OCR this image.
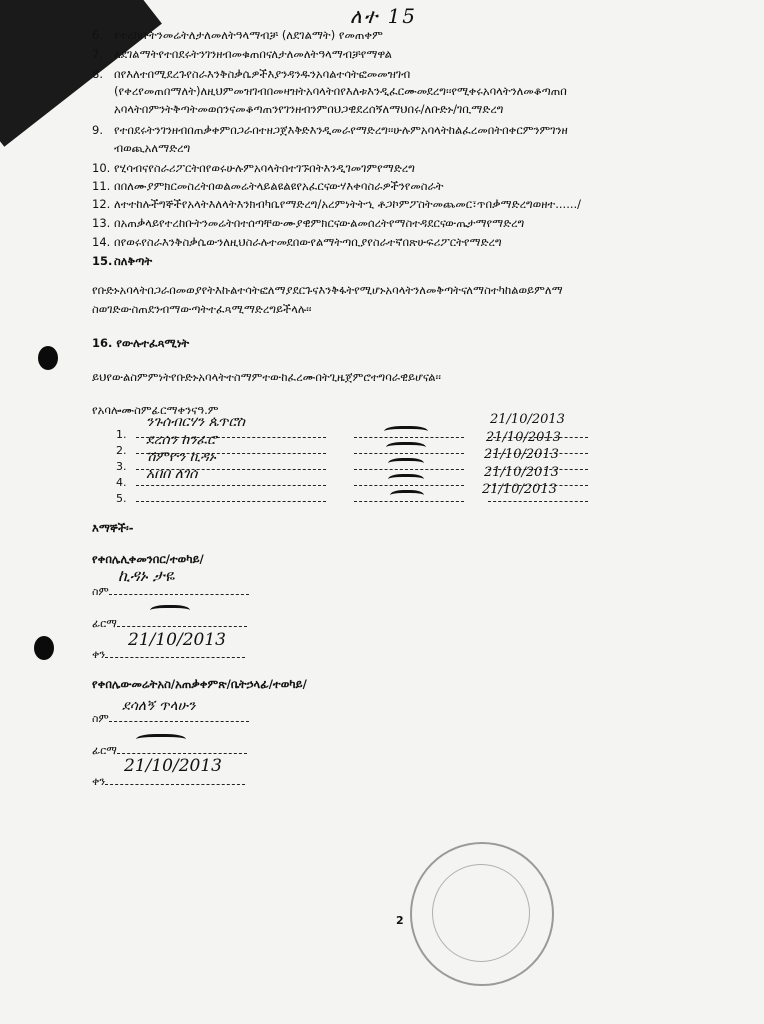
ለተ 15
6. የተረከቡትንመሬትለታለመለትዓላማብቻ (ለደገልማት) የመጠቀም
7. ለደገልማትየተበደሩትንገንዘብመቁጠበናለታለመለትዓላማብቻየማዋል
8. በየእለተበሚደረጉየስራእንቅስቃሴዎችእያንዳንዱንአባልተሳትፎመመዝገብ
(የቀረየመጠበማለት)ለዚህምመዝገብበመዛዝትአባላትበየእለቱእንዲፈርሙመደረግ፡፡የሚቀሩአባላትንለመቆጣጠበ
አባላትበምንትቅጣትመወሰንናመቆጣጠንየገንዘብንምበህጋዊደረሰኝለማህበሩ/ለቡድኑ/ገቢማድረግ
9. የተበደሩትንገንዘብበጠቃቀምበጋራበተዘጋጀእቅድእንዲመራየማድረግ፡፡ሁሉምአባላትከልፈረመበትበቀርምንምገንዘ
ብወጪአለማድረግ
10. የሂሳብናየስራሪፖርትበየወሩሁሉምአባላትበተገኙበትእንዲገመገምየማድረግ
11. በበለሙያምክርመስረትበወልመሬትላይልዩልዩየአፈርናውሃእቀባስራዎችንየመስራት
12. ለተተከሉችግኞችየአላትእለላትእንክብካቤየማድረግ/አረምነትትኂ ቶጋኮምፖስትመጨመር፣ጥበቃማድረግወዘተ....../
13. በአጠቃላይየተረከቡትንመሬትበተሰጣቸውሙያዊምክርናውልመሰረትየማስተዳደርናውጤታማየማድረግ
14. በየወሩየስራእንቅስቃሴውንለዚህስራሉተመደበውየልማትጣቢያየስራተኛበጽሁፍሪፖርትየማድረግ
15. ስለቅጣት
የቡድኑአባላትበጋራበመወያየትእኩልተሳትፎለማያደርጉናእንቅፋትየሚሆኑአባላትንለመቅጣትናለማስተካከልወይምለማ
ስወገድውስጠደንብማውጣትተፈጻሚማድረግይችላሉ፡፡
16. የውሉተፈጻሚነት
ይህየውልስምምነትየቡድኑአባላትተስማምተውከፈረሙበትጊዜጀምሮተግባራዊይሆናል፡፡
የአባሎሙስምፊርማቀንናዓ.ም
1.
2.
3.
4.
5.
ንጉሰብርሃን ጴጥሮስ
ደረሰን ከንፈሮ
ሽምዮን ኪዳኑ
አበበ ለገሰ
21/10/2013
21/10/2013
21/10/2013
21/10/2013
21/10/2013
እማኞች፡-
የቀበሌሊቀመንበር/ተወካይ/
ስም
ኪዳኑ ታዬ
ፊርማ
ቀን
21/10/2013
የቀበሌውመሬትአስ/አጠቃቀምጽ/ቤትኃላፊ/ተወካይ/
ስም
ደሳለኝ ጥላሁን
ፊርማ
ቀን
21/10/2013
2
